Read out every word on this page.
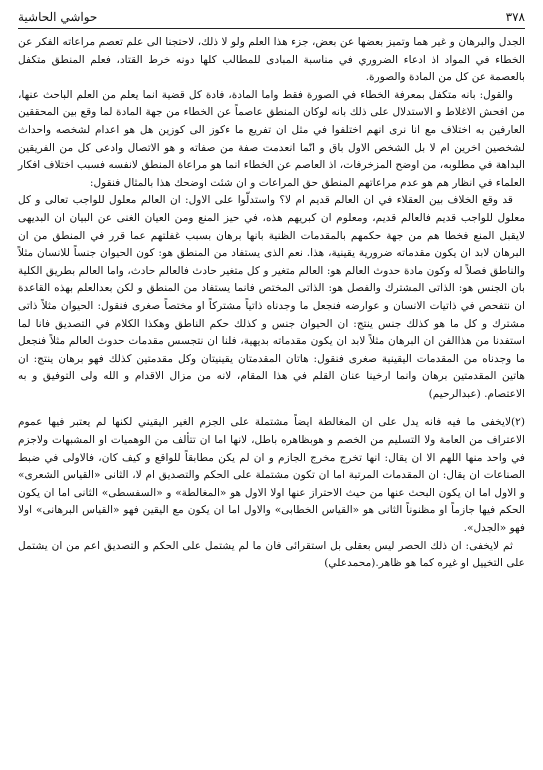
٣٧٨
حواشي الحاشية

الجدل والبرهان و غير هما وتميز بعضها عن بعض، جزء هذا العلم ولو لا ذلك، لاحتجنا الى علم تعصم مراعاته الفكر عن الخطاء في المواد اذ ادعاء الضروري في مناسبة المبادى للمطالب كلها دونه خرط القتاد، فعلم المنطق متكفل بالعصمة عن كل من المادة والصورة.

والقول: بانه متكفل بمعرفة الخطاء في الصورة فقط واما المادة، فادة كل قضية انما يعلم من العلم الباحث عنها، من افحش الاغلاط و الاستدلال على ذلك بانه لوكان المنطق عاصماً عن الخطاء من جهة المادة لما وقع بين المحققين العارفين به اختلاف مع انا نرى انهم اختلفوا في مثل ان تفريع ما ءكوز الى كوزين هل هو اعدام لشخصه واحداث لشخصين اخرين ام لا بل الشخص الاول باق و انّما انعدمت صفة من صفاته و هو الاتصال وادعى كل من الفريقين البداهة في مطلوبه، من اوضح المزخرفات، اذ العاصم عن الخطاء انما هو مراعاة المنطق لانفسه فسبب اختلاف افكار العلماء في انظار هم هو عدم مراعاتهم المنطق حق المراعات و ان شئت اوضحك هذا بالمثال فنقول:

قد وقع الخلاف بين العقلاء في ان العالم قديم ام لا؟ واستدلّوا على الاول: ان العالم معلول للواجب تعالى و كل معلول للواجب قديم فالعالم قديم، ومعلوم ان كبريهم هذه، في حيز المنع ومن العيان الغنى عن البيان ان البديهى لايقبل المنع فخطا هم من جهة حكمهم بالمقدمات الظنية بانها برهان بسبب غفلتهم عما قرر في المنطق من ان البرهان لابد ان يكون مقدماته ضرورية يقينية، هذا. نعم الذى يستفاد من المنطق هو: كون الحيوان جنساً للانسان مثلاً والناطق فصلاً له وكون مادة حدوث العالم هو: العالم متغير و كل متغير حادث فالعالم حادث، واما العالم بطريق الكلية بان الجنس هو: الذاتى المشترك والفصل هو: الذاتى المختص فانما يستفاد من المنطق و لكن بعدالعلم بهذه القاعدة ان نتفحص في ذاتيات الانسان و عوارضه فنجعل ما وجدناه ذاتياً مشتركاً او مختصاً صغرى فنقول: الحيوان مثلاً ذاتى مشترك و كل ما هو كذلك جنس ينتج: ان الحيوان جنس و كذلك حكم الناطق وهكذا الكلام في التصديق فانا لما استفدنا من هذاالفن ان البرهان مثلاً لابد ان يكون مقدماته بديهية، فلنا ان نتجسس مقدمات حدوث العالم مثلاً فنجعل ما وجدناه من المقدمات اليقينية صغرى فنقول: هاتان المقدمتان يقينيتان وكل مقدمتين كذلك فهو برهان ينتج: ان هاتين المقدمتين برهان وانما ارخينا عنان القلم في هذا المقام، لانه من مزال الاقدام و الله ولى التوفيق و به الاعتصام. (عبدالرحيم)

(٢)لايخفى ما فيه فانه يدل على ان المغالطة ايضاً مشتملة على الجزم الغير اليقيني لكنها لم يعتبر فيها عموم الاعتراف من العامة ولا التسليم من الخصم و هوبظاهره باطل، لانها اما ان تتألف من الوهميات او المشبهات ولاجزم في واحد منها اللهم الا ان يقال: انها تخرج مخرج الجازم و ان لم يكن مطابقاً للواقع و كيف كان، فالاولى في ضبط الصناعات ان يقال: ان المقدمات المرتبة اما ان تكون مشتملة على الحكم والتصديق ام لا، الثانى «القياس الشعرى» و الاول اما ان يكون البحث عنها من حيث الاحتراز عنها اولا الاول هو «المغالطة» و «السفسطى» الثانى اما ان يكون الحكم فيها جازماً او مظنوناً الثانى هو «القياس الخطابى» والاول اما ان يكون مع اليقين فهو «القياس البرهانى» اولا فهو «الجدل».

ثم لايخفى: ان ذلك الحصر ليس بعقلى بل استقرائى فان ما لم يشتمل على الحكم و التصديق اعم من ان يشتمل على التخييل او غيره كما هو ظاهر.(محمدعلي)
